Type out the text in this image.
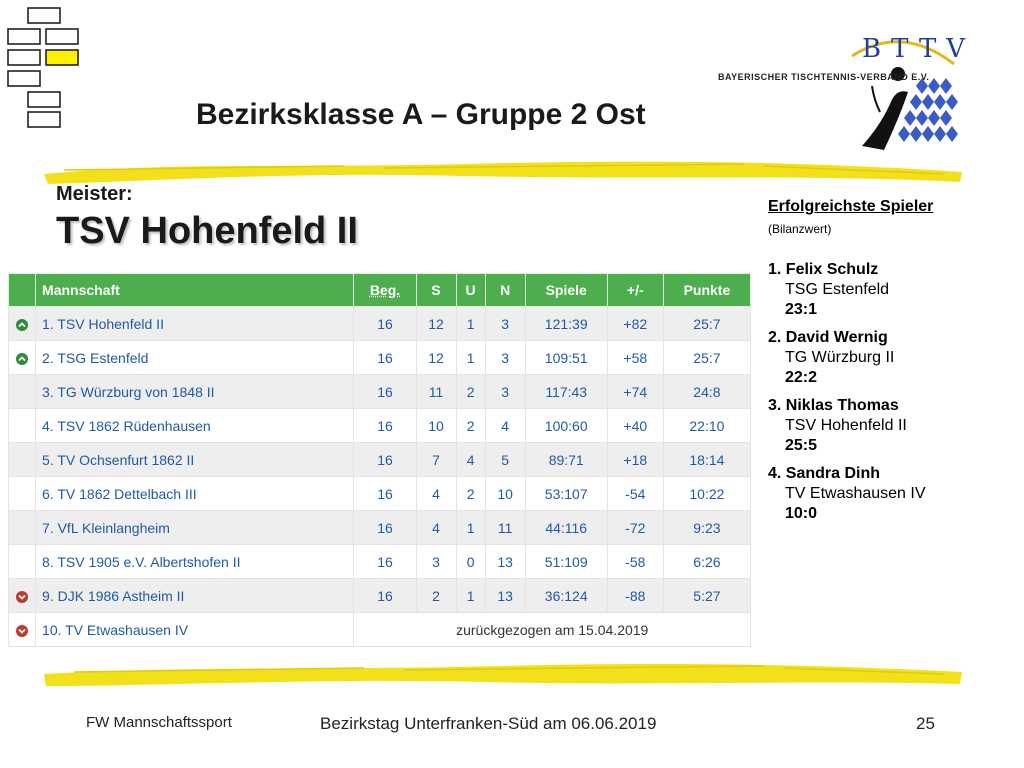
Bezirksklasse A – Gruppe 2 Ost
BAYERISCHER TISCHTENNIS-VERBAND E.V.
BTTV
Meister:
TSV Hohenfeld II
	Mannschaft	Beg.	S	U	N	Spiele	+/-	Punkte

	1. TSV Hohenfeld II	16	12	1	3	121:39	+82	25:7

	2. TSG Estenfeld	16	12	1	3	109:51	+58	25:7
	3. TG Würzburg von 1848 II	16	11	2	3	117:43	+74	24:8
	4. TSV 1862 Rüdenhausen	16	10	2	4	100:60	+40	22:10
	5. TV Ochsenfurt 1862 II	16	7	4	5	89:71	+18	18:14
	6. TV 1862 Dettelbach III	16	4	2	10	53:107	-54	10:22
	7. VfL Kleinlangheim	16	4	1	11	44:116	-72	9:23
	8. TSV 1905 e.V. Albertshofen II	16	3	0	13	51:109	-58	6:26

	9. DJK 1986 Astheim II	16	2	1	13	36:124	-88	5:27

	10. TV Etwashausen IV	zurückgezogen am 15.04.2019						
Erfolgreichste Spieler
(Bilanzwert)
1. Felix Schulz
TSG Estenfeld
23:1
2. David Wernig
TG Würzburg II
22:2
3. Niklas Thomas
TSV Hohenfeld II
25:5
4. Sandra Dinh
TV Etwashausen IV
10:0
FW Mannschaftssport	Bezirkstag Unterfranken-Süd am 06.06.2019	25
